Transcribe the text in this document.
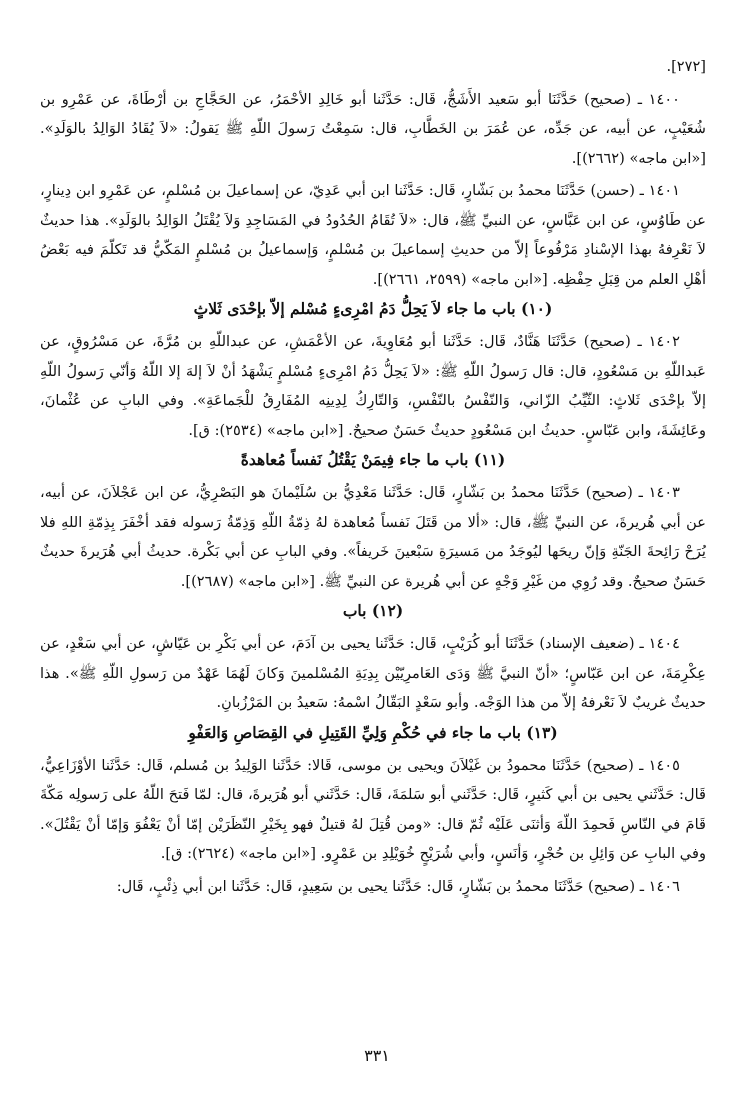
[٢٧٢].

١٤٠٠ ـ (صحيح) حَدَّثَنَا أبو سَعيد الأَشَجُّ، قَال: حَدَّثَنا أبو خَالِدِ الأحْمَرُ، عن الحَجَّاجِ بن أرْطَاةَ، عن عَمْرِو بن شُعَيْبٍ، عن أبيه، عن جَدِّه، عن عُمَرَ بن الخَطَّابِ، قال: سَمِعْتُ رَسولَ اللّهِ ﷺ يَقولُ: «لاَ يُقَادُ الوَالِدُ بالوَلَدِ». [«ابن ماجه» (٢٦٦٢)].

١٤٠١ ـ (حسن) حَدَّثَنَا محمدُ بن بَشّارٍ، قَال: حَدَّثَنا ابن أبي عَدِيّ، عن إسماعيلَ بن مُسْلمٍ، عن عَمْرِو ابن دِينارٍ، عن طَاوُسٍ، عن ابن عَبَّاسٍ، عن النبيِّ ﷺ، قال: «لاَ تُقَامُ الحُدُودُ في المَسَاجِدِ وَلاَ يُقْتَلُ الوَالِدُ بالوَلَدِ». هذا حديثٌ لاَ نَعْرِفهُ بهذا الإسْنادِ مَرْفُوعاً إلاّ من حديثِ إسماعيلَ بن مُسْلمٍ، وَإسماعيلُ بن مُسْلمٍ المَكّيُّ قد تَكلّمَ فيه بَعْضُ أهْلِ العلم من قِبَلِ حِفْظِه. [«ابن ماجه» (٢٥٩٩، ٢٦٦١)].

(١٠) باب ما جاء لاَ يَحِلُّ دَمُ امْرِىءٍ مُسْلم إلاّ بإحْدَى ثَلاثٍ

١٤٠٢ ـ (صحيح) حَدَّثَنَا هَنَّادٌ، قَال: حَدَّثَنا أبو مُعَاوِيةَ، عن الأعْمَشِ، عن عبداللّهِ بن مُرَّةَ، عن مَسْرُوقٍ، عن عَبداللّهِ بن مَسْعُودٍ، قال: قال رَسولُ اللّهِ ﷺ: «لاَ يَحِلُّ دَمُ امْرِىءٍ مُسْلمٍ يَشْهَدُ أنْ لاَ إلهَ إلا اللّهُ وَأنّي رَسولُ اللّهِ إلاّ بإحْدَى ثَلاثٍ: الثّيِّبُ الزّاني، وَالنّفْسُ بالنّفْسِ، وَالتّارِكُ لِدِينِه المُفَارِقُ للْجَماعَةِ». وفي البابِ عن عُثْمانَ، وعَائِشَةَ، وابن عَبّاسٍ. حديثُ ابن مَسْعُودٍ حديثٌ حَسَنٌ صحيحٌ. [«ابن ماجه» (٢٥٣٤): ق].

(١١) باب ما جاء فِيمَنْ يَقْتُلُ نَفساً مُعاهدةً

١٤٠٣ ـ (صحيح) حَدَّثَنَا محمدُ بن بَشّارٍ، قَال: حَدَّثَنا مَعْدِيُّ بن سُلَيْمانَ هو البَصْرِيُّ، عن ابن عَجْلاَنَ، عن أبيه، عن أبي هُريرةَ، عن النبيِّ ﷺ، قال: «ألا من قَتَلَ نَفساً مُعاهدة لهُ ذِمّةُ اللّهِ وَذِمّةُ رَسوله فقد أخْفَرَ بِذِمّةِ اللهِ فلا يُرَحْ رَائِحةَ الجَنّةِ وَإنّ ريحَها ليُوجَدُ من مَسيرَةِ سَبْعينَ خَريفاً». وفي البابِ عن أبي بَكْرة. حديثُ أبي هُرَيرةَ حديثٌ حَسَنٌ صحيحٌ. وقد رُوِي من غَيْرِ وَجْهٍ عن أبي هُريرة عن النبيِّ ﷺ. [«ابن ماجه» (٢٦٨٧)].

(١٢) باب

١٤٠٤ ـ (ضعيف الإسناد) حَدَّثَنَا أبو كُرَيْبٍ، قَال: حَدَّثَنا يحيى بن آدَمَ، عن أبي بَكْرِ بن عَيّاشٍ، عن أبي سَعْدٍ، عن عِكْرِمَةَ، عن ابن عَبّاسٍ؛ «أنّ النبيَّ ﷺ وَدَى العَامرِيّيْن بِدِيَةِ المُسْلمينَ وَكانَ لَهُمَا عَهْدٌ من رَسولِ اللّهِ ﷺ». هذا حديثٌ غريبٌ لاَ نَعْرفهُ إلاّ من هذا الوَجْه. وأبو سَعْدٍ البَقّالُ اسْمهُ: سَعيدُ بن المَرْزُبانِ.

(١٣) باب ما جاء في حُكْمِ وَلِيِّ القَتِيلِ في القِصَاصِ وَالعَفْوِ

١٤٠٥ ـ (صحيح) حَدَّثَنَا محمودُ بن غَيْلاَنَ ويحيى بن موسى، قَالا: حَدَّثَنا الوَلِيدُ بن مُسلم، قَال: حَدَّثَنا الأوْزَاعِيُّ، قَال: حَدَّثَني يحيى بن أبي كَثيرٍ، قَال: حَدَّثَني أبو سَلمَةَ، قَال: حَدَّثَني أبو هُرَيرةَ، قال: لمّا فَتحَ اللّهُ على رَسولِه مَكّةَ قَامَ في النّاسِ فَحمِدَ اللّهَ وَأثنَى عَلَيْه ثُمّ قال: «ومن قُتِلَ لهُ قتيلٌ فهو بِخَيْرِ النّظَرَيْن إمّا أنْ يَعْفُوَ وَإمّا أنْ يَقْتُلَ». وفي البابِ عن وَائِلِ بن حُجْرٍ، وَأنَسٍ، وأبي شُرَيْحٍ خُوَيْلِدِ بن عَمْرٍو. [«ابن ماجه» (٢٦٢٤): ق].

١٤٠٦ ـ (صحيح) حَدَّثَنَا محمدُ بن بَشّارٍ، قَال: حَدَّثَنا يحيى بن سَعِيدٍ، قَال: حَدَّثَنا ابن أبي ذِئْبٍ، قَال:

٣٣١
